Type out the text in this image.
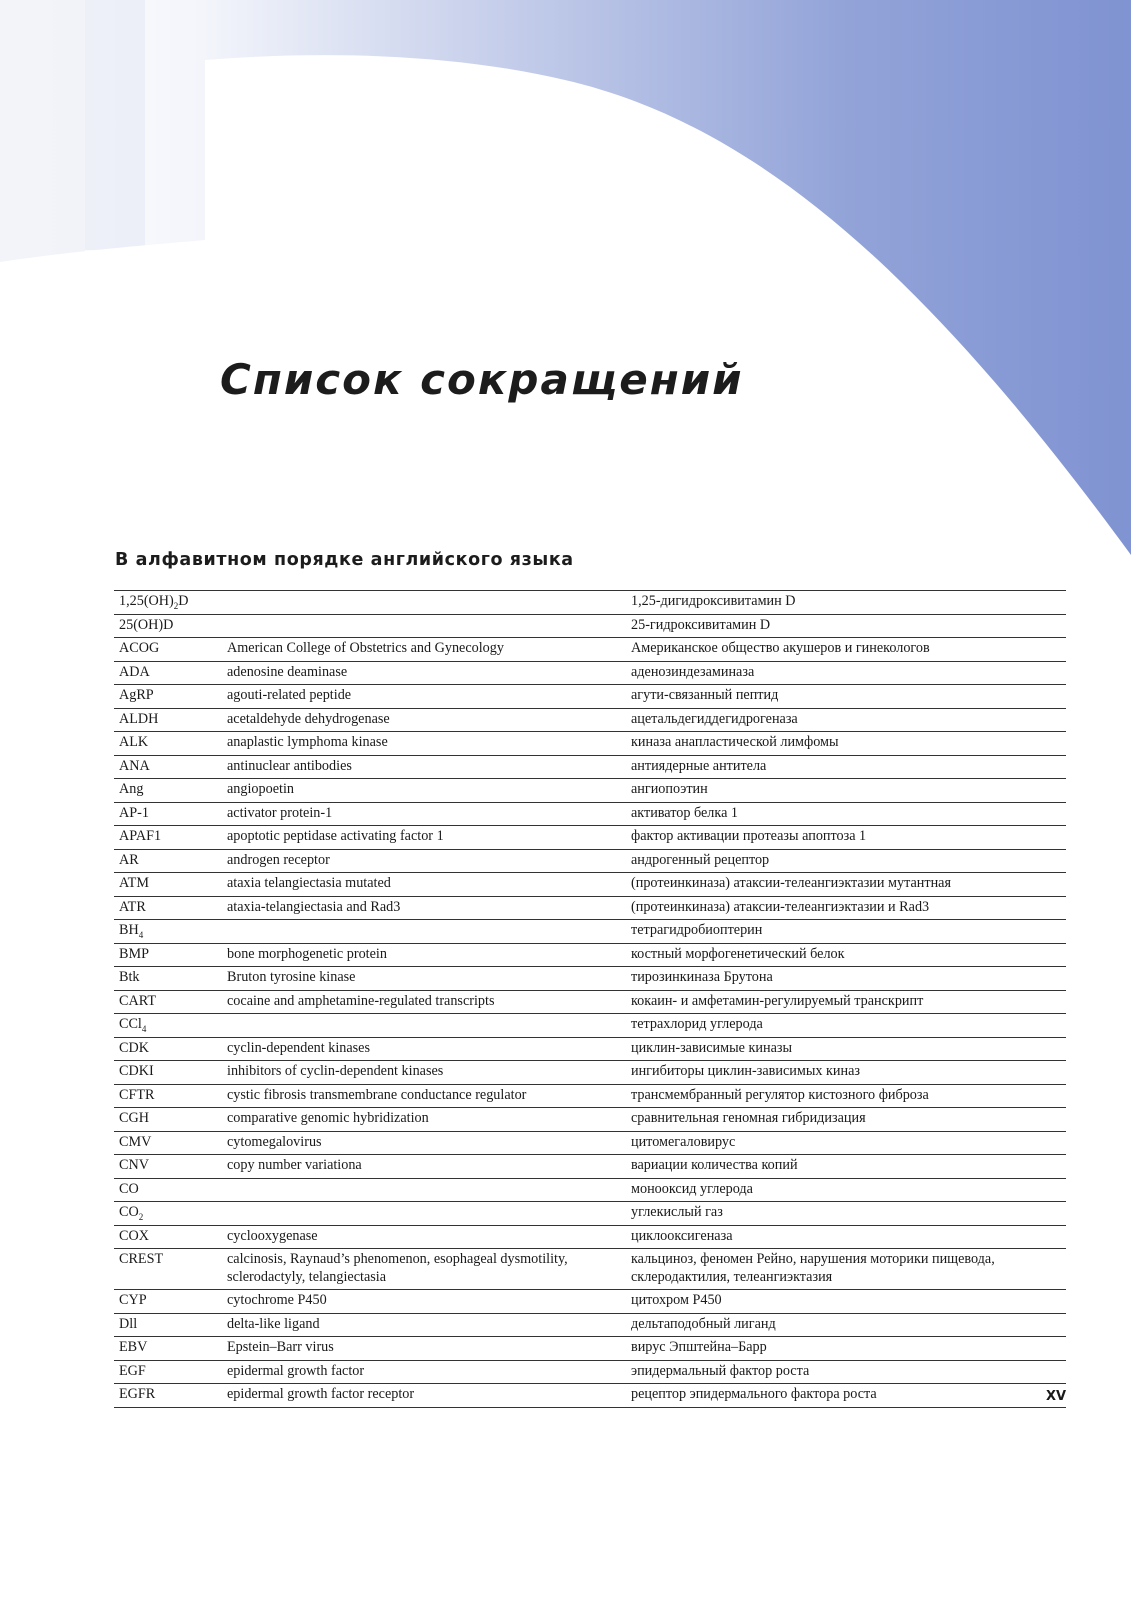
Список сокращений
В алфавитном порядке английского языка
$1,25(OH)_2D$		1,25-дигидроксивитамин D
25(OH)D		25-гидроксивитамин D
ACOG	American College of Obstetrics and Gynecology	Американское общество акушеров и гинекологов
ADA	adenosine deaminase	аденозиндезаминаза
AgRP	agouti-related peptide	агути-связанный пептид
ALDH	acetaldehyde dehydrogenase	ацетальдегиддегидрогеназа
ALK	anaplastic lymphoma kinase	киназа анапластической лимфомы
ANA	antinuclear antibodies	антиядерные антитела
Ang	angiopoetin	ангиопоэтин
AP-1	activator protein-1	активатор белка 1
APAF1	apoptotic peptidase activating factor 1	фактор активации протеазы апоптоза 1
AR	androgen receptor	андрогенный рецептор
ATM	ataxia telangiectasia mutated	(протеинкиназа) атаксии-телеангиэктазии мутантная
ATR	ataxia-telangiectasia and Rad3	(протеинкиназа) атаксии-телеангиэктазии и Rad3
$BH_4$		тетрагидробиоптерин
BMP	bone morphogenetic protein	костный морфогенетический белок
Btk	Bruton tyrosine kinase	тирозинкиназа Брутона
CART	cocaine and amphetamine-regulated transcripts	кокаин- и амфетамин-регулируемый транскрипт
CCl$_4$		тетрахлорид углерода
CDK	cyclin-dependent kinases	циклин-зависимые киназы
CDKI	inhibitors of cyclin-dependent kinases	ингибиторы циклин-зависимых киназ
CFTR	cystic fibrosis transmembrane conductance regulator	трансмембранный регулятор кистозного фиброза
CGH	comparative genomic hybridization	сравнительная геномная гибридизация
CMV	cytomegalovirus	цитомегаловирус
CNV	copy number variationa	вариации количества копий
CO		монооксид углерода
$CO_2$		углекислый газ
COX	cyclooxygenase	циклооксигеназа
CREST	calcinosis, Raynaud’s phenomenon, esophageal dysmotility, sclerodactyly, telangiectasia	кальциноз, феномен Рейно, нарушения моторики пищевода, склеродактилия, телеангиэктазия
CYP	cytochrome P450	цитохром P450
Dll	delta-like ligand	дельтаподобный лиганд
EBV	Epstein–Barr virus	вирус Эпштейна–Барр
EGF	epidermal growth factor	эпидермальный фактор роста
EGFR	epidermal growth factor receptor	рецептор эпидермального фактора роста	XV
